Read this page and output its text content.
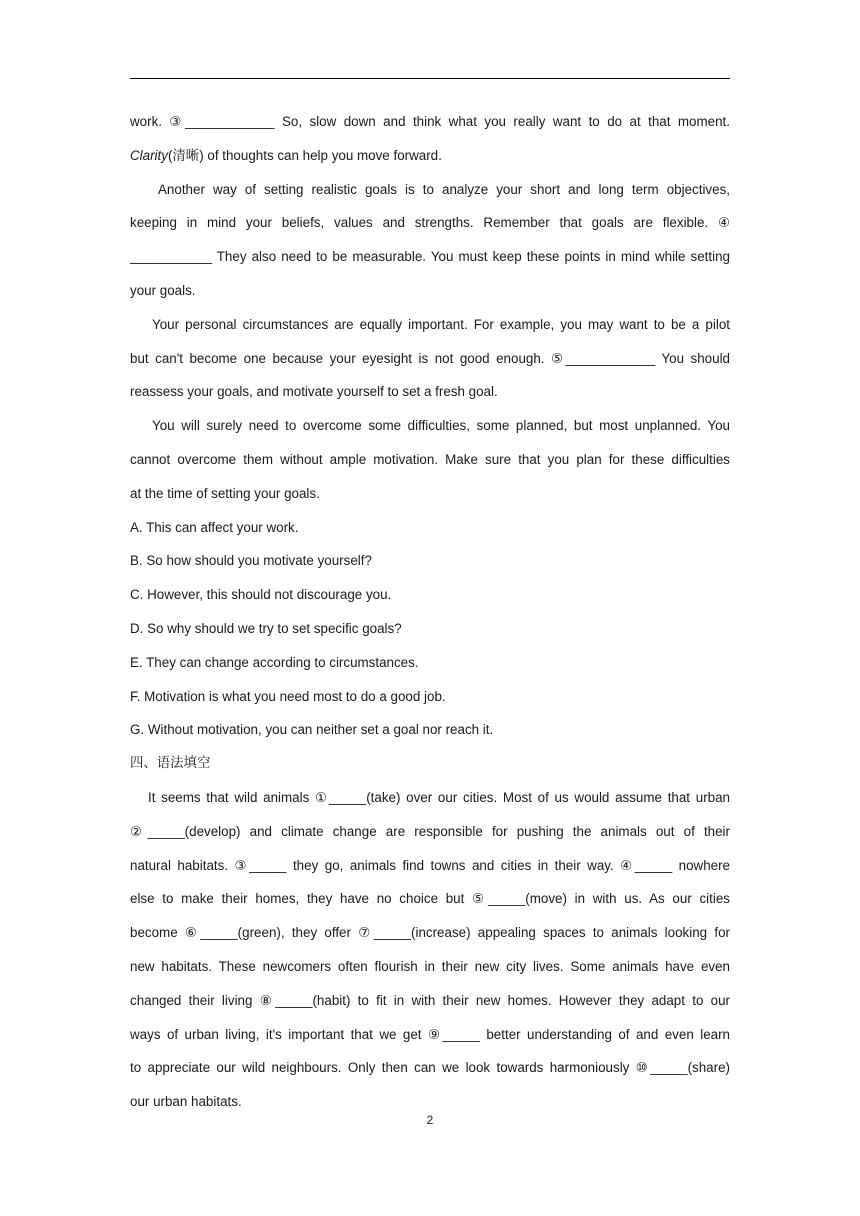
work. ③____________ So, slow down and think what you really want to do at that moment.
Clarity(清晰) of thoughts can help you move forward.
Another way of setting realistic goals is to analyze your short and long term objectives,
keeping in mind your beliefs, values and strengths. Remember that goals are flexible. ④
___________ They also need to be measurable. You must keep these points in mind while setting
your goals.
Your personal circumstances are equally important. For example, you may want to be a pilot
but can't become one because your eyesight is not good enough. ⑤____________ You should
reassess your goals, and motivate yourself to set a fresh goal.
You will surely need to overcome some difficulties, some planned, but most unplanned. You
cannot overcome them without ample motivation. Make sure that you plan for these difficulties
at the time of setting your goals.
A. This can affect your work.
B. So how should you motivate yourself?
C. However, this should not discourage you.
D. So why should we try to set specific goals?
E. They can change according to circumstances.
F. Motivation is what you need most to do a good job.
G. Without motivation, you can neither set a goal nor reach it.
四、语法填空
It seems that wild animals ①_____(take) over our cities. Most of us would assume that urban
②_____(develop) and climate change are responsible for pushing the animals out of their
natural habitats. ③_____ they go, animals find towns and cities in their way. ④_____ nowhere
else to make their homes, they have no choice but ⑤_____(move) in with us. As our cities
become ⑥_____(green), they offer ⑦_____(increase) appealing spaces to animals looking for
new habitats. These newcomers often flourish in their new city lives. Some animals have even
changed their living ⑧_____(habit) to fit in with their new homes. However they adapt to our
ways of urban living, it's important that we get ⑨_____ better understanding of and even learn
to appreciate our wild neighbours. Only then can we look towards harmoniously ⑩_____(share)
our urban habitats.
2
